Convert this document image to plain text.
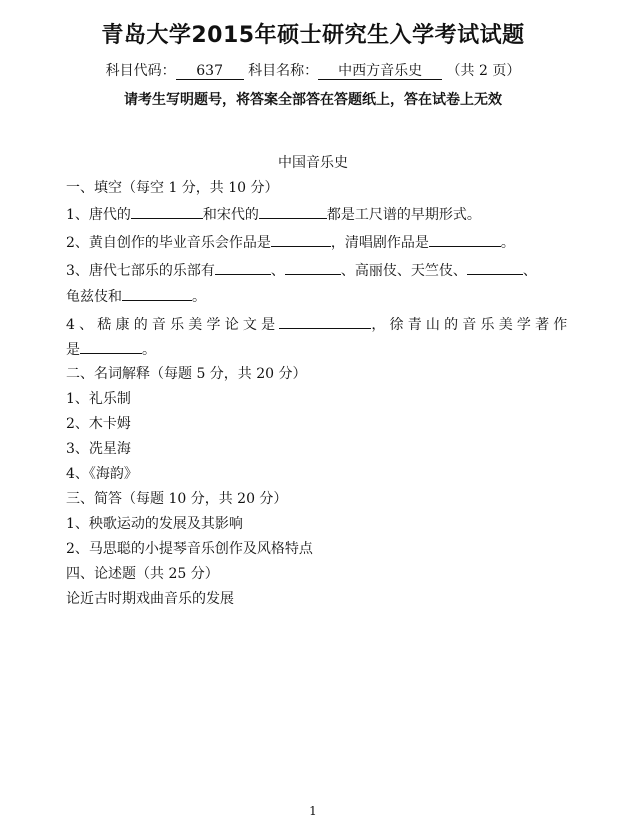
青岛大学2015年硕士研究生入学考试试题
科目代码： 637 科目名称： 中西方音乐史 （共 2 页）
请考生写明题号，将答案全部答在答题纸上，答在试卷上无效
中国音乐史
一、填空（每空 1 分，共 10 分）
1、唐代的	和宋代的	都是工尺谱的早期形式。
2、黄自创作的毕业音乐会作品是	，清唱剧作品是	。
3、唐代七部乐的乐部有	、	、高丽伎、天竺伎、	、
龟兹伎和	。
4、嵇康的音乐美学论文是	，徐青山的音乐美学著作
是	。
二、名词解释（每题 5 分，共 20 分）
1、礼乐制
2、木卡姆
3、冼星海
4、《海韵》
三、简答（每题 10 分，共 20 分）
1、秧歌运动的发展及其影响
2、马思聪的小提琴音乐创作及风格特点
四、论述题（共 25 分）
论近古时期戏曲音乐的发展
1
